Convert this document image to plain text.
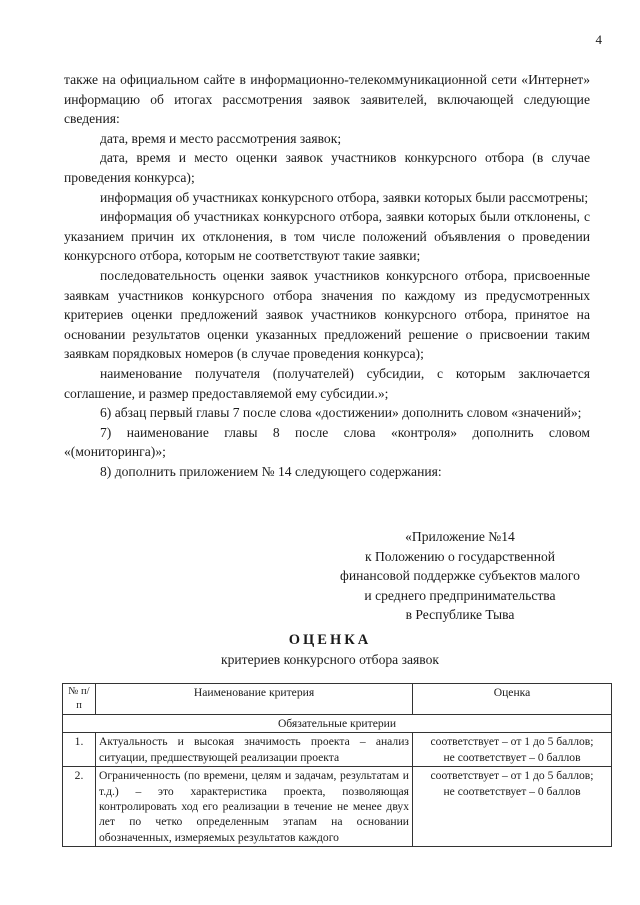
4

также на официальном сайте в информационно-телекоммуникационной сети «Интернет» информацию об итогах рассмотрения заявок заявителей, включающей следующие сведения:

дата, время и место рассмотрения заявок;

дата, время и место оценки заявок участников конкурсного отбора (в случае проведения конкурса);

информация об участниках конкурсного отбора, заявки которых были рассмотрены;

информация об участниках конкурсного отбора, заявки которых были отклонены, с указанием причин их отклонения, в том числе положений объявления о проведении конкурсного отбора, которым не соответствуют такие заявки;

последовательность оценки заявок участников конкурсного отбора, присвоенные заявкам участников конкурсного отбора значения по каждому из предусмотренных критериев оценки предложений заявок участников конкурсного отбора, принятое на основании результатов оценки указанных предложений решение о присвоении таким заявкам порядковых номеров (в случае проведения конкурса);

наименование получателя (получателей) субсидии, с которым заключается соглашение, и размер предоставляемой ему субсидии.»;

6) абзац первый главы 7 после слова «достижении» дополнить словом «значений»;

7) наименование главы 8 после слова «контроля» дополнить словом «(мониторинга)»;

8) дополнить приложением № 14 следующего содержания:

«Приложение №14
к Положению о государственной
финансовой поддержке субъектов малого
и среднего предпринимательства
в Республике Тыва
ОЦЕНКА
критериев конкурсного отбора заявок
№ п/п	Наименование критерия	Оценка
Обязательные критерии		
1.	Актуальность и высокая значимость проекта – анализ ситуации, предшествующей реализации проекта	соответствует – от 1 до 5 баллов;
не соответствует – 0 баллов

2.	Ограниченность (по времени, целям и задачам, результатам и т.д.) – это характеристика проекта, позволяющая контролировать ход его реализации в течение не менее двух лет по четко определенным этапам на основании обозначенных, измеряемых результатов каждого	соответствует – от 1 до 5 баллов;
не соответствует – 0 баллов
